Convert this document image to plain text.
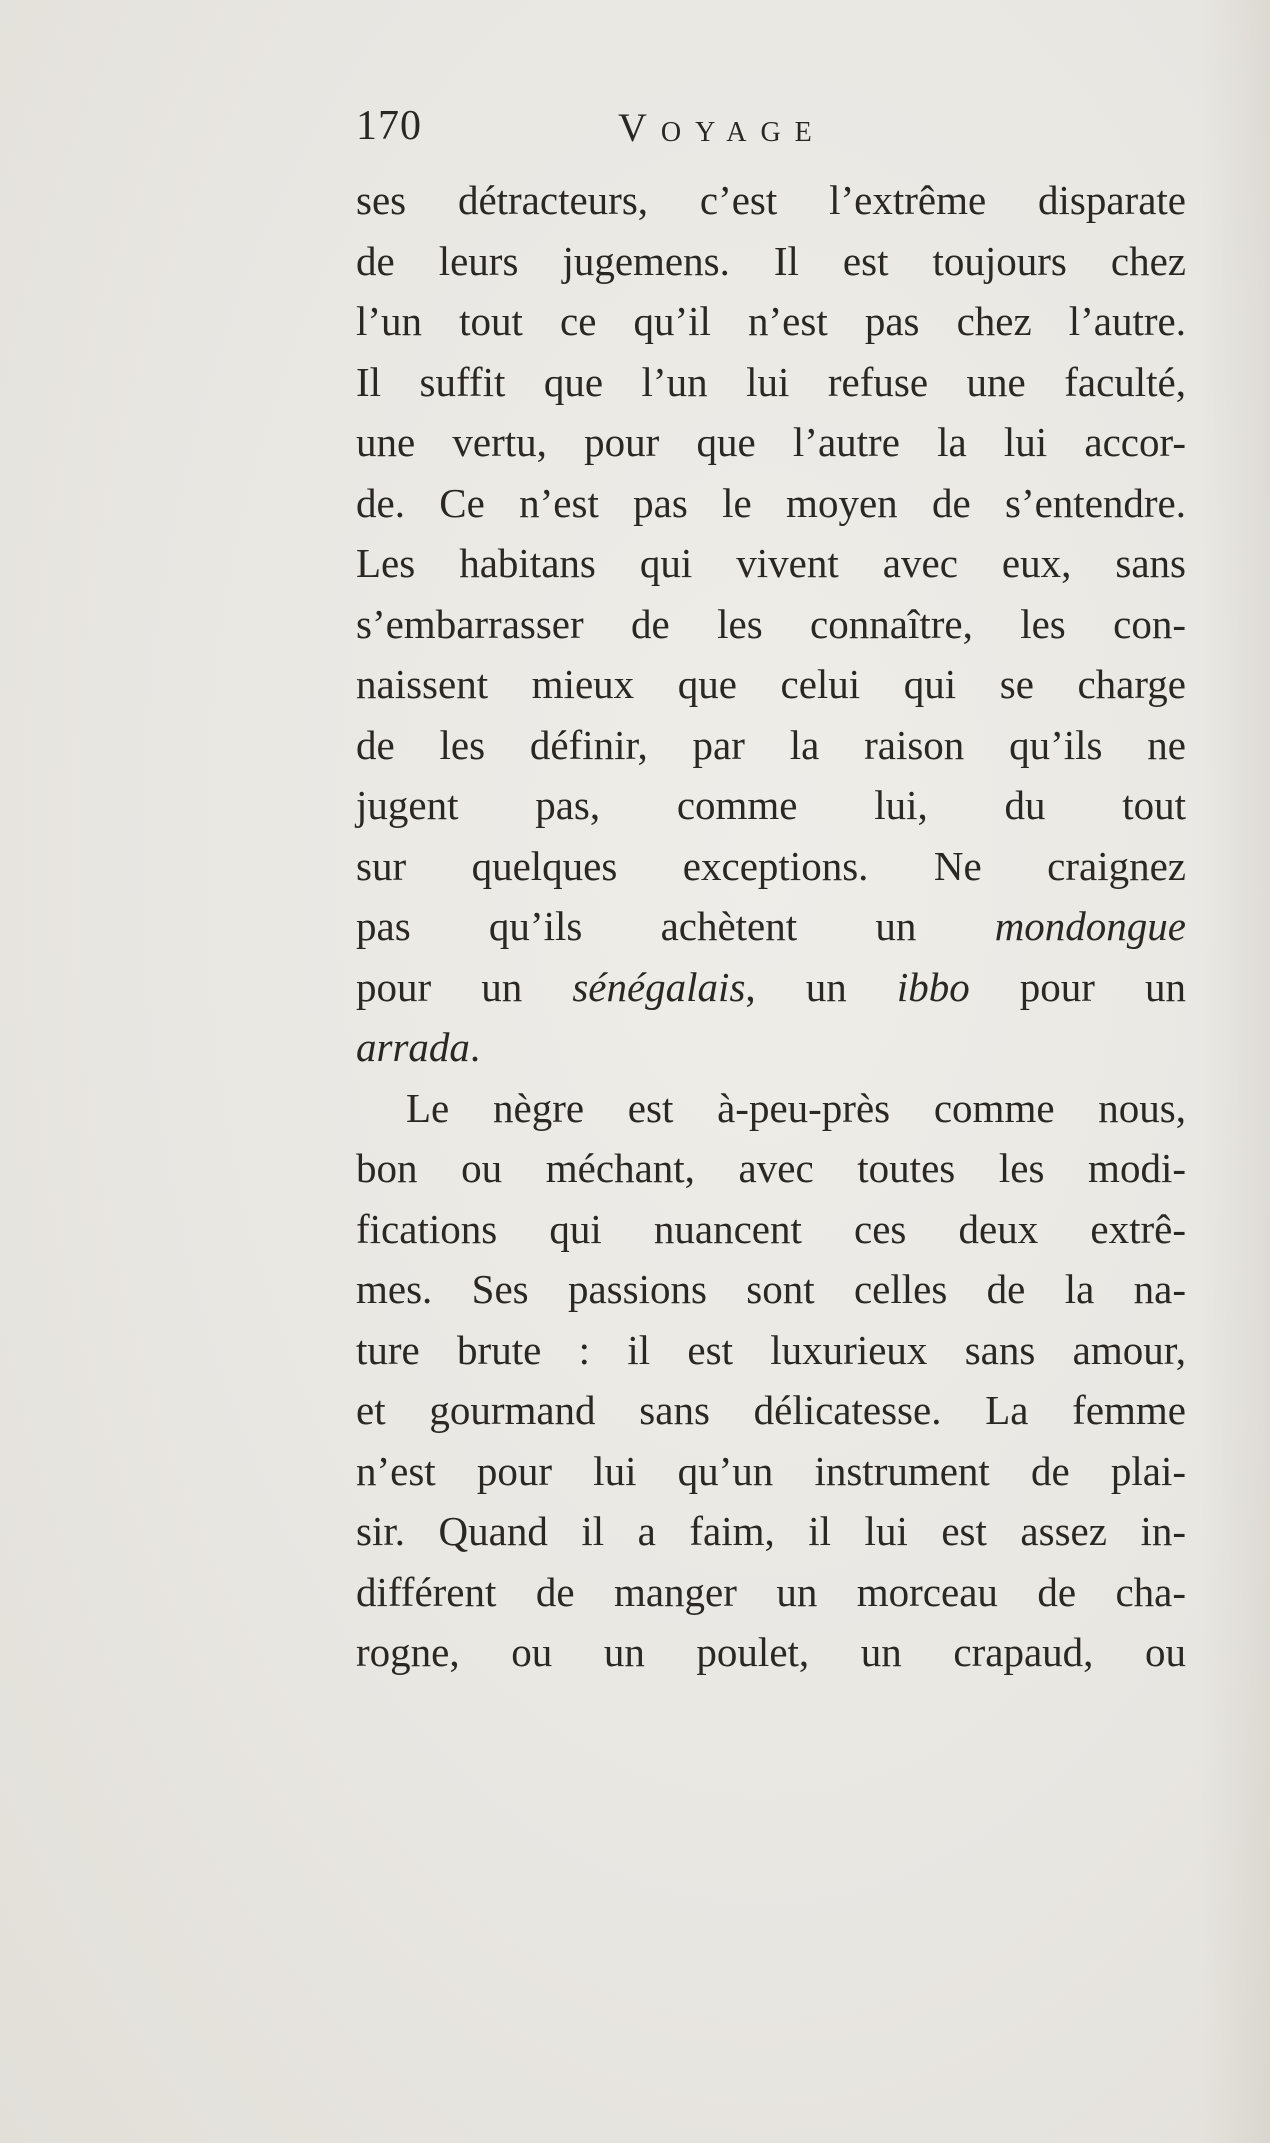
170	Voyage
ses détracteurs, c’est l’extrême disparate
de leurs jugemens. Il est toujours chez
l’un tout ce qu’il n’est pas chez l’autre.
Il suffit que l’un lui refuse une faculté,
une vertu, pour que l’autre la lui accor-
de. Ce n’est pas le moyen de s’entendre.
Les habitans qui vivent avec eux, sans
s’embarrasser de les connaître, les con-
naissent mieux que celui qui se charge
de les définir, par la raison qu’ils ne
jugent pas, comme lui, du tout
sur quelques exceptions. Ne craignez
pas qu’ils achètent un mondongue
pour un sénégalais, un ibbo pour un
arrada.
Le nègre est à-peu-près comme nous,
bon ou méchant, avec toutes les modi-
fications qui nuancent ces deux extrê-
mes. Ses passions sont celles de la na-
ture brute : il est luxurieux sans amour,
et gourmand sans délicatesse. La femme
n’est pour lui qu’un instrument de plai-
sir. Quand il a faim, il lui est assez in-
différent de manger un morceau de cha-
rogne, ou un poulet, un crapaud, ou
